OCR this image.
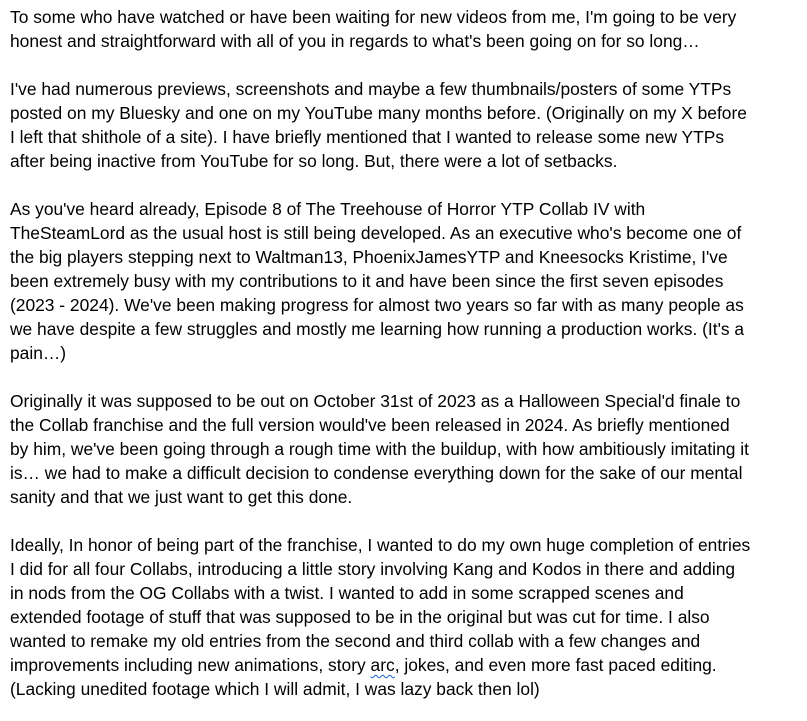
To some who have watched or have been waiting for new videos from me, I'm going to be very
honest and straightforward with all of you in regards to what's been going on for so long…

I've had numerous previews, screenshots and maybe a few thumbnails/posters of some YTPs
posted on my Bluesky and one on my YouTube many months before. (Originally on my X before
I left that shithole of a site). I have briefly mentioned that I wanted to release some new YTPs
after being inactive from YouTube for so long. But, there were a lot of setbacks.

As you've heard already, Episode 8 of The Treehouse of Horror YTP Collab IV with
TheSteamLord as the usual host is still being developed. As an executive who's become one of
the big players stepping next to Waltman13, PhoenixJamesYTP and Kneesocks Kristime, I've
been extremely busy with my contributions to it and have been since the first seven episodes
(2023 - 2024). We've been making progress for almost two years so far with as many people as
we have despite a few struggles and mostly me learning how running a production works. (It's a
pain…)

Originally it was supposed to be out on October 31st of 2023 as a Halloween Special'd finale to
the Collab franchise and the full version would've been released in 2024. As briefly mentioned
by him, we've been going through a rough time with the buildup, with how ambitiously imitating it
is… we had to make a difficult decision to condense everything down for the sake of our mental
sanity and that we just want to get this done.

Ideally, In honor of being part of the franchise, I wanted to do my own huge completion of entries
I did for all four Collabs, introducing a little story involving Kang and Kodos in there and adding
in nods from the OG Collabs with a twist. I wanted to add in some scrapped scenes and
extended footage of stuff that was supposed to be in the original but was cut for time. I also
wanted to remake my old entries from the second and third collab with a few changes and
improvements including new animations, story arc, jokes, and even more fast paced editing.
(Lacking unedited footage which I will admit, I was lazy back then lol)
